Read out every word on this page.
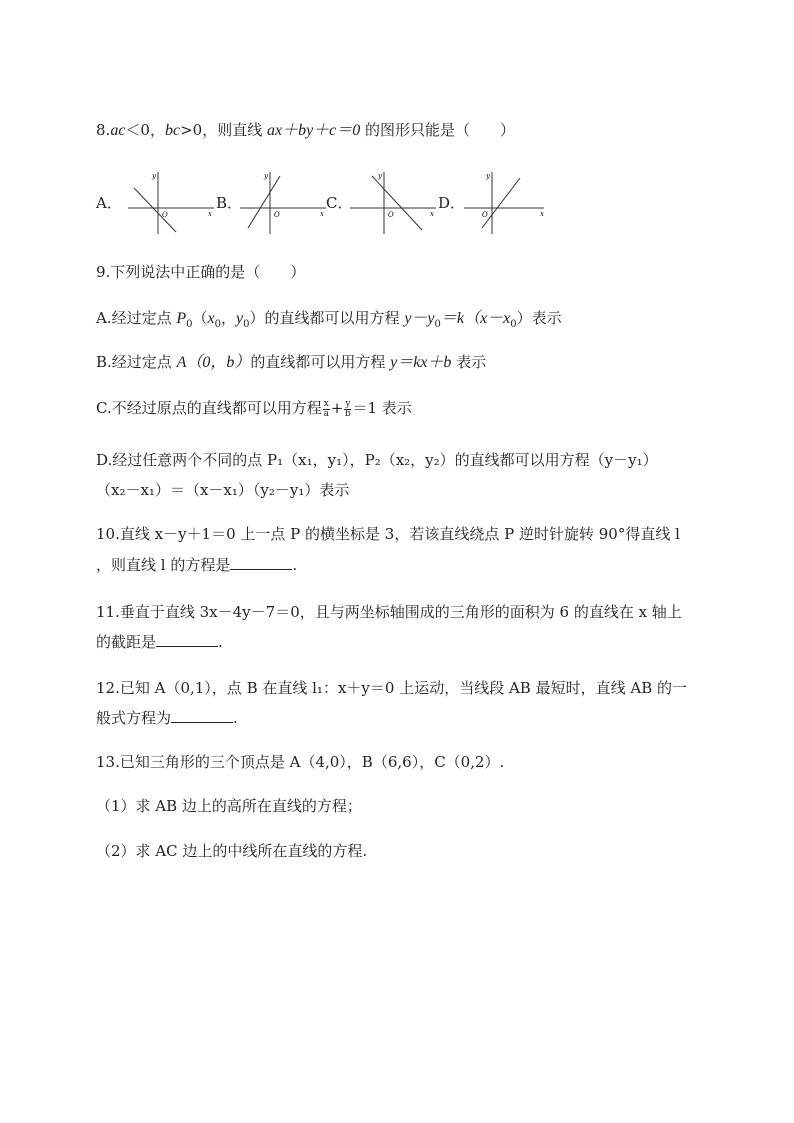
8.ac＜0，bc>0，则直线 ax＋by＋c＝0 的图形只能是（　　）
A．
y
x
O
B．
y
x
O
C．
y
x
O
D．
y
x
O
9.下列说法中正确的是（　　）
A.经过定点 $P_0(x_0$，$y_0$）的直线都可以用方程 $y-y_0=k(x-x_0)$表示
B.经过定点 A（0，b）的直线都可以用方程 y＝kx＋b 表示
C.不经过原点的直线都可以用方程 $\frac{x}{a} + \frac{y}{b} =1$ 表示
D.经过任意两个不同的点 P₁（x₁，y₁），P₂（x₂，y₂）的直线都可以用方程（y－y₁）
（x₂－x₁）＝（x－x₁）（y₂－y₁）表示
10.直线 x－y＋1＝0 上一点 P 的横坐标是 3，若该直线绕点 P 逆时针旋转 90°得直线 l
，则直线 l 的方程是	.
11.垂直于直线 3x－4y－7＝0，且与两坐标轴围成的三角形的面积为 6 的直线在 x 轴上
的截距是	.
12.已知 A（0,1），点 B 在直线 l₁：x＋y＝0 上运动，当线段 AB 最短时，直线 AB 的一
般式方程为	.
13.已知三角形的三个顶点是 A（4,0），B（6,6），C（0,2）.
（1）求 AB 边上的高所在直线的方程；
（2）求 AC 边上的中线所在直线的方程.
